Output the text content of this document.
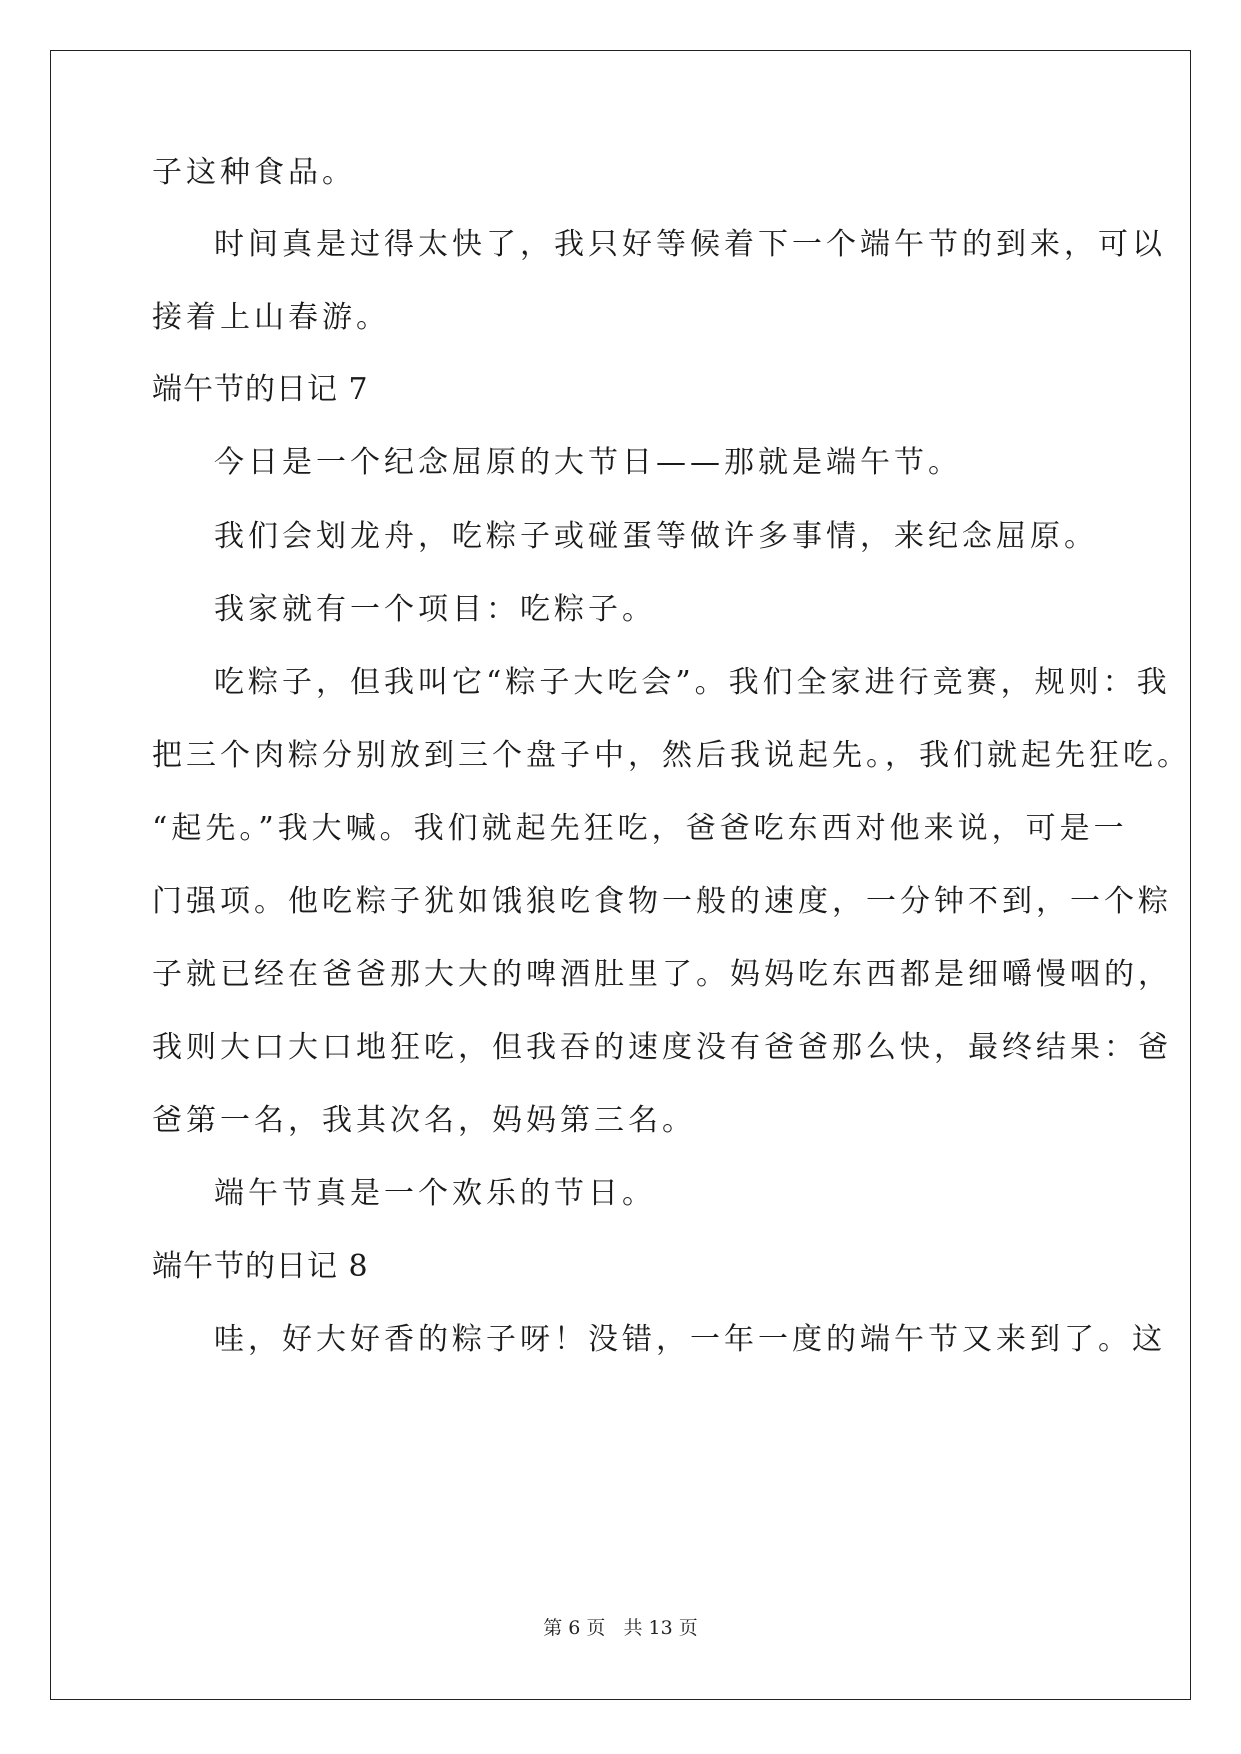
子这种食品。
时间真是过得太快了，我只好等候着下一个端午节的到来，可以
接着上山春游。
端午节的日记 7
今日是一个纪念屈原的大节日——那就是端午节。
我们会划龙舟，吃粽子或碰蛋等做许多事情，来纪念屈原。
我家就有一个项目：吃粽子。
吃粽子，但我叫它“粽子大吃会”。我们全家进行竞赛，规则：我
把三个肉粽分别放到三个盘子中，然后我说起先。，我们就起先狂吃。
“起先。”我大喊。我们就起先狂吃，爸爸吃东西对他来说，可是一
门强项。他吃粽子犹如饿狼吃食物一般的速度，一分钟不到，一个粽
子就已经在爸爸那大大的啤酒肚里了。妈妈吃东西都是细嚼慢咽的，
我则大口大口地狂吃，但我吞的速度没有爸爸那么快，最终结果：爸
爸第一名，我其次名，妈妈第三名。
端午节真是一个欢乐的节日。
端午节的日记 8
哇，好大好香的粽子呀！没错，一年一度的端午节又来到了。这
第 6 页 共 13 页
